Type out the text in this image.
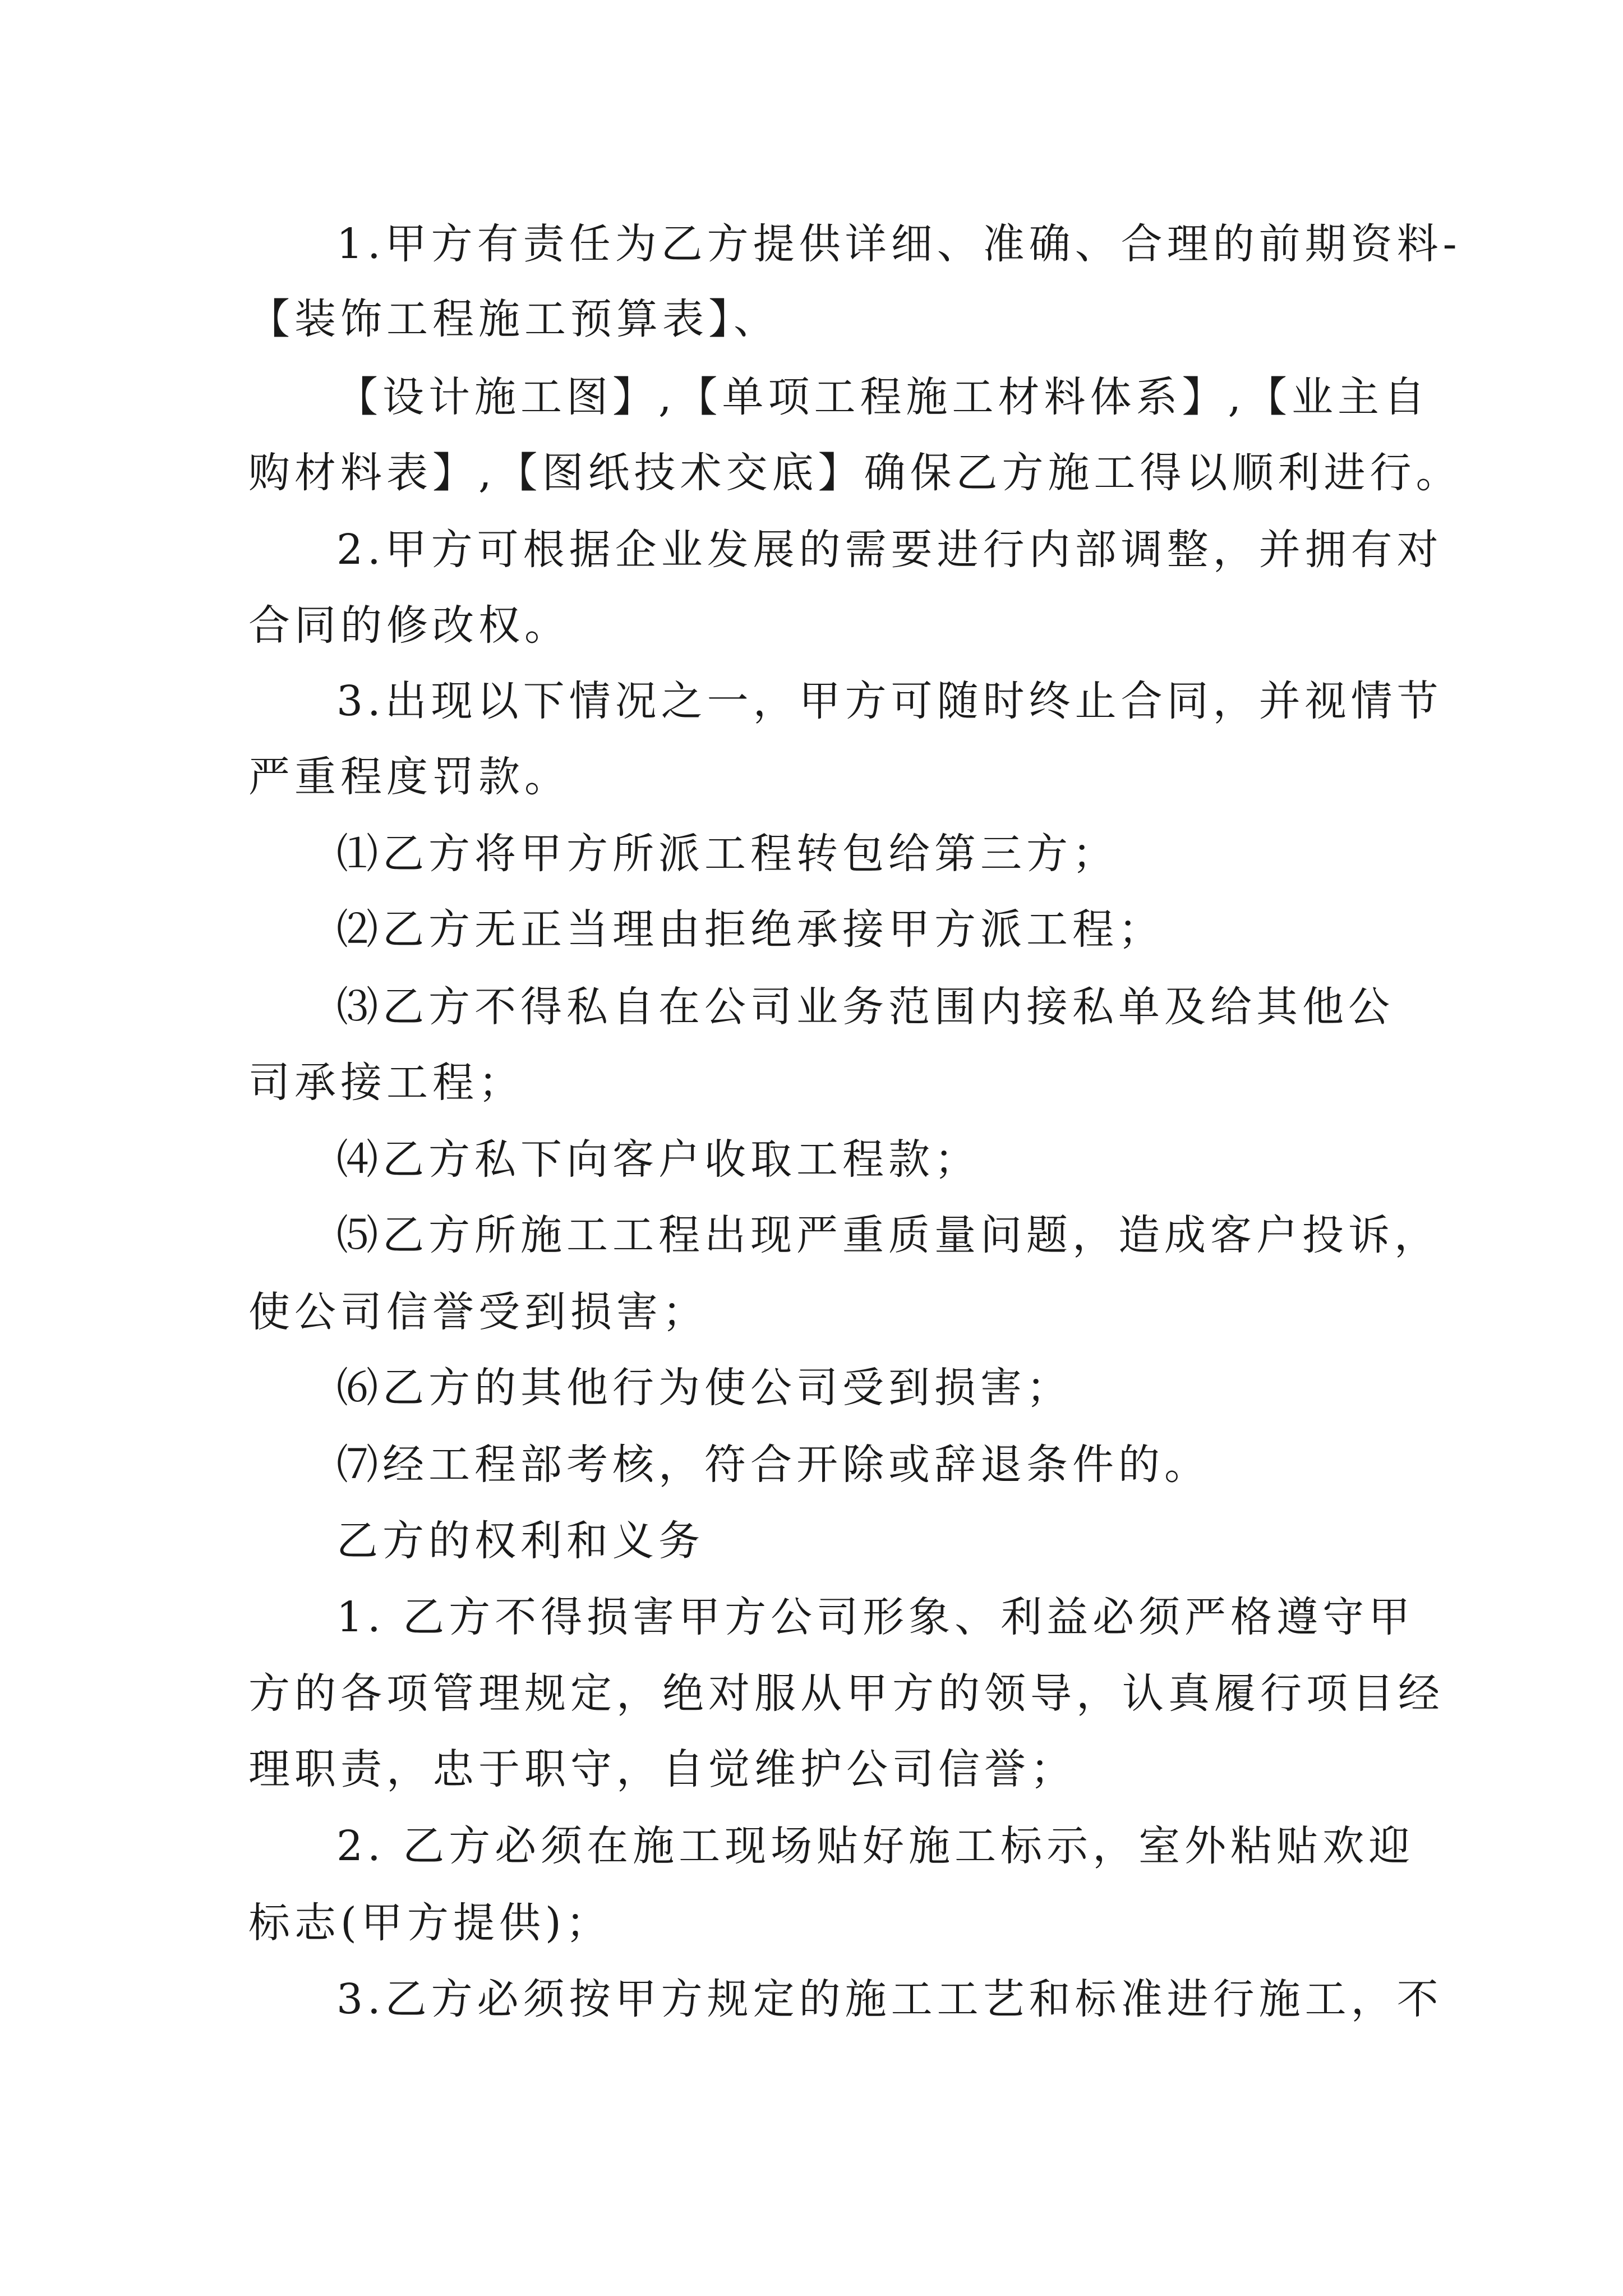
1.甲方有责任为乙方提供详细、准确、合理的前期资料-
【装饰工程施工预算表】、
【设计施工图】,【单项工程施工材料体系】,【业主自
购材料表】,【图纸技术交底】确保乙方施工得以顺利进行。
2.甲方可根据企业发展的需要进行内部调整，并拥有对
合同的修改权。
3.出现以下情况之一，甲方可随时终止合同，并视情节
严重程度罚款。
⑴乙方将甲方所派工程转包给第三方；
⑵乙方无正当理由拒绝承接甲方派工程；
⑶乙方不得私自在公司业务范围内接私单及给其他公
司承接工程；
⑷乙方私下向客户收取工程款；
⑸乙方所施工工程出现严重质量问题，造成客户投诉，
使公司信誉受到损害；
⑹乙方的其他行为使公司受到损害；
⑺经工程部考核，符合开除或辞退条件的。
乙方的权利和义务
1. 乙方不得损害甲方公司形象、利益必须严格遵守甲
方的各项管理规定，绝对服从甲方的领导，认真履行项目经
理职责，忠于职守，自觉维护公司信誉；
2. 乙方必须在施工现场贴好施工标示，室外粘贴欢迎
标志(甲方提供)；
3.乙方必须按甲方规定的施工工艺和标准进行施工，不
